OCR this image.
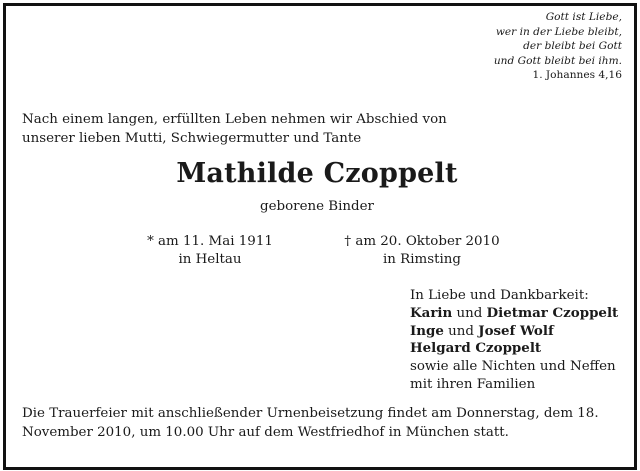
Gott ist Liebe,
wer in der Liebe bleibt,
der bleibt bei Gott
und Gott bleibt bei ihm.
1. Johannes 4,16
Nach einem langen, erfüllten Leben nehmen wir Abschied von
unserer lieben Mutti, Schwiegermutter und Tante
Mathilde Czoppelt
geborene Binder
* am 11. Mai 1911
in Heltau
† am 20. Oktober 2010
in Rimsting
In Liebe und Dankbarkeit:
Karin und Dietmar Czoppelt
Inge und Josef Wolf
Helgard Czoppelt
sowie alle Nichten und Neffen
mit ihren Familien
Die Trauerfeier mit anschließender Urnenbeisetzung findet am Donnerstag, dem 18.
November 2010, um 10.00 Uhr auf dem Westfriedhof in München statt.
